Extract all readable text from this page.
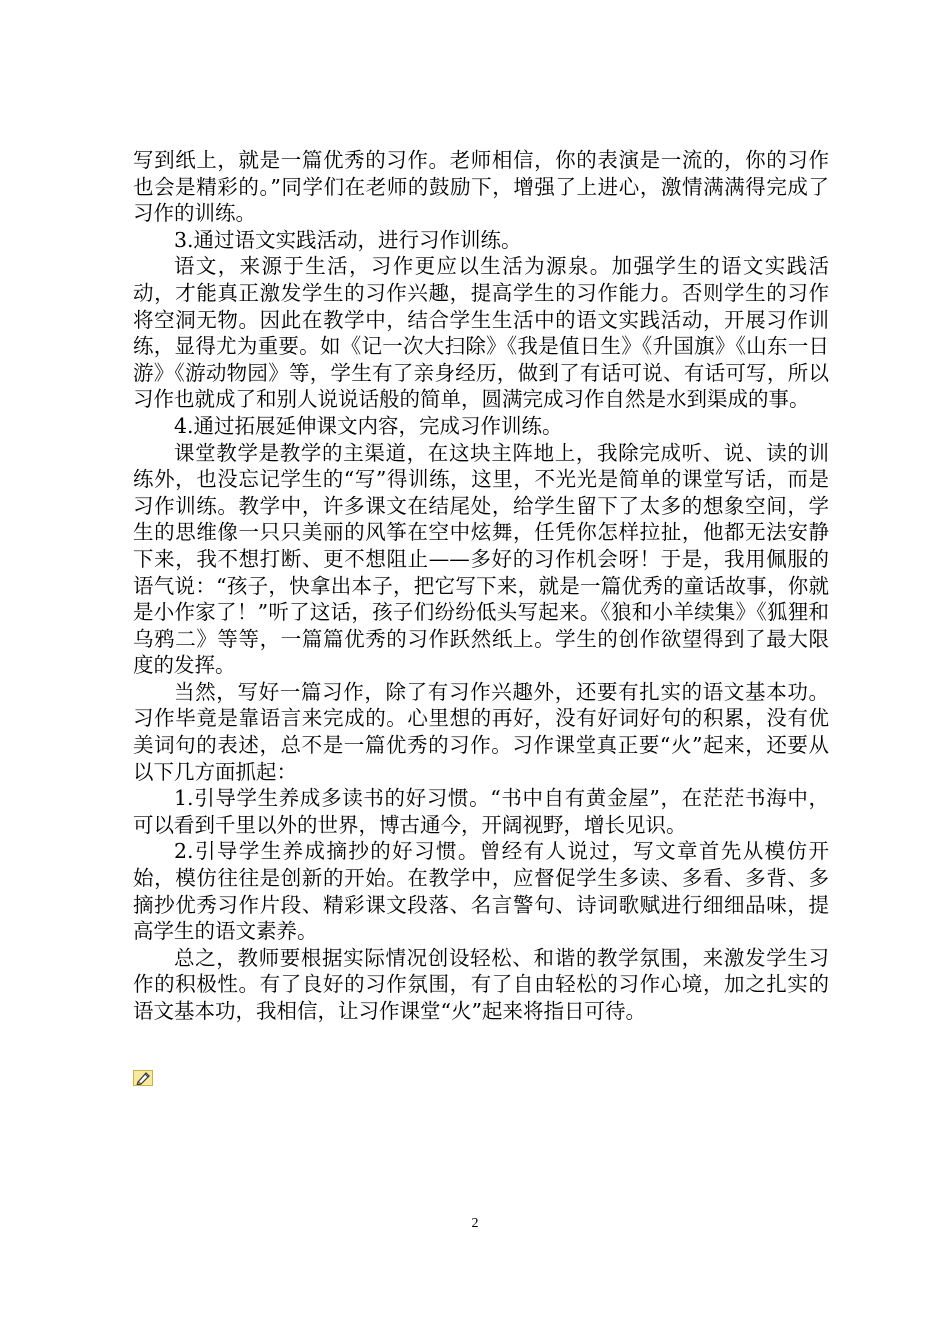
写到纸上，就是一篇优秀的习作。老师相信，你的表演是一流的，你的习作也会是精彩的。”同学们在老师的鼓励下，增强了上进心，激情满满得完成了习作的训练。

3.通过语文实践活动，进行习作训练。

语文，来源于生活，习作更应以生活为源泉。加强学生的语文实践活动，才能真正激发学生的习作兴趣，提高学生的习作能力。否则学生的习作将空洞无物。因此在教学中，结合学生生活中的语文实践活动，开展习作训练，显得尤为重要。如《记一次大扫除》《我是值日生》《升国旗》《山东一日游》《游动物园》等，学生有了亲身经历，做到了有话可说、有话可写，所以习作也就成了和别人说说话般的简单，圆满完成习作自然是水到渠成的事。

4.通过拓展延伸课文内容，完成习作训练。

课堂教学是教学的主渠道，在这块主阵地上，我除完成听、说、读的训练外，也没忘记学生的“写”得训练，这里，不光光是简单的课堂写话，而是习作训练。教学中，许多课文在结尾处，给学生留下了太多的想象空间，学生的思维像一只只美丽的风筝在空中炫舞，任凭你怎样拉扯，他都无法安静下来，我不想打断、更不想阻止——多好的习作机会呀！于是，我用佩服的语气说：“孩子，快拿出本子，把它写下来，就是一篇优秀的童话故事，你就是小作家了！”听了这话，孩子们纷纷低头写起来。《狼和小羊续集》《狐狸和乌鸦二》等等，一篇篇优秀的习作跃然纸上。学生的创作欲望得到了最大限度的发挥。

当然，写好一篇习作，除了有习作兴趣外，还要有扎实的语文基本功。习作毕竟是靠语言来完成的。心里想的再好，没有好词好句的积累，没有优美词句的表述，总不是一篇优秀的习作。习作课堂真正要“火”起来，还要从以下几方面抓起：

1.引导学生养成多读书的好习惯。“书中自有黄金屋”，在茫茫书海中，可以看到千里以外的世界，博古通今，开阔视野，增长见识。

2.引导学生养成摘抄的好习惯。曾经有人说过，写文章首先从模仿开始，模仿往往是创新的开始。在教学中，应督促学生多读、多看、多背、多摘抄优秀习作片段、精彩课文段落、名言警句、诗词歌赋进行细细品味，提高学生的语文素养。

总之，教师要根据实际情况创设轻松、和谐的教学氛围，来激发学生习作的积极性。有了良好的习作氛围，有了自由轻松的习作心境，加之扎实的语文基本功，我相信，让习作课堂“火”起来将指日可待。

2
